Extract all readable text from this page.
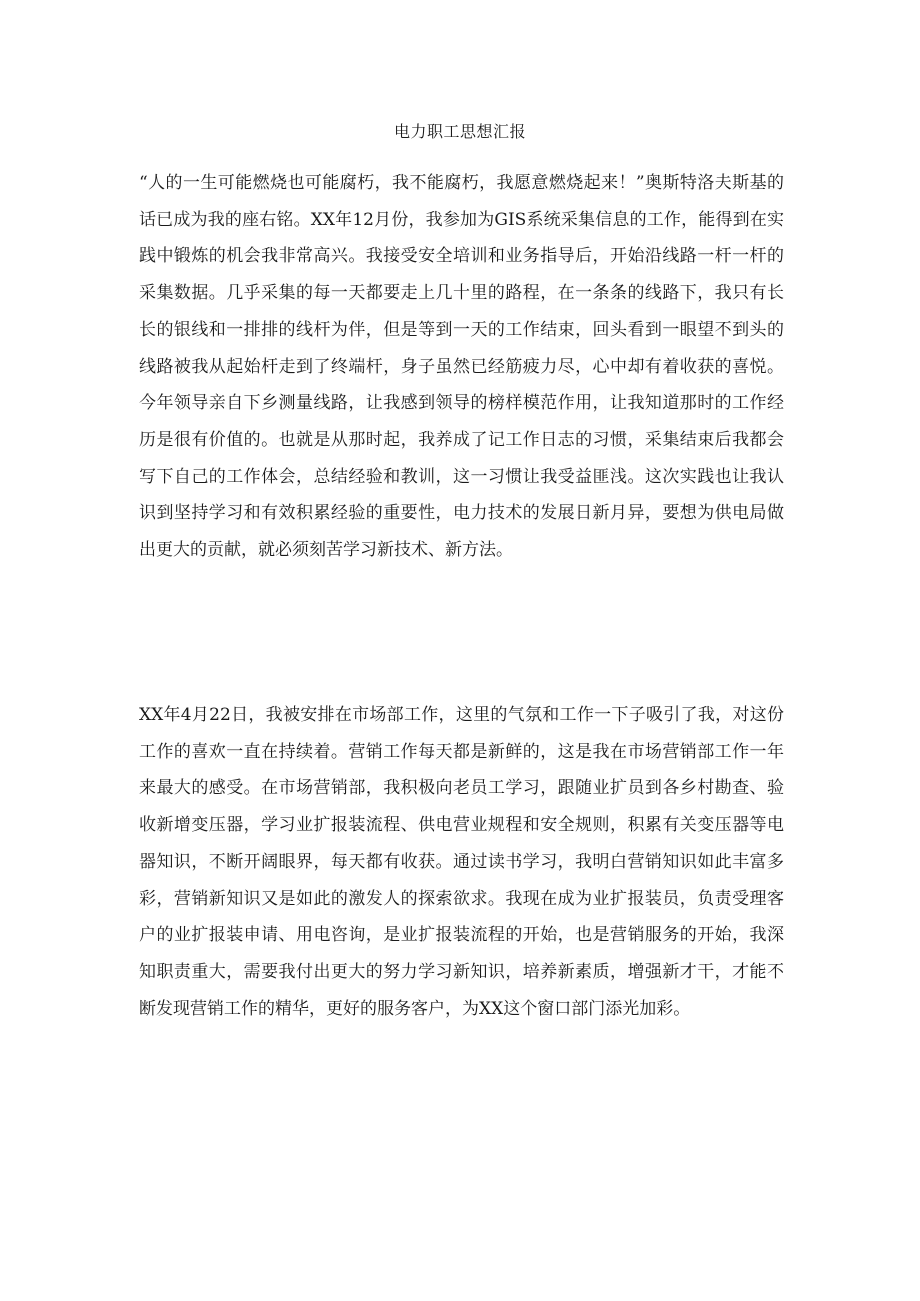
电力职工思想汇报

“人的一生可能燃烧也可能腐朽，我不能腐朽，我愿意燃烧起来！”奥斯特洛夫斯基的话已成为我的座右铭。XX年12月份，我参加为GIS系统采集信息的工作，能得到在实践中锻炼的机会我非常高兴。我接受安全培训和业务指导后，开始沿线路一杆一杆的采集数据。几乎采集的每一天都要走上几十里的路程，在一条条的线路下，我只有长长的银线和一排排的线杆为伴，但是等到一天的工作结束，回头看到一眼望不到头的线路被我从起始杆走到了终端杆，身子虽然已经筋疲力尽，心中却有着收获的喜悦。今年领导亲自下乡测量线路，让我感到领导的榜样模范作用，让我知道那时的工作经历是很有价值的。也就是从那时起，我养成了记工作日志的习惯，采集结束后我都会写下自己的工作体会，总结经验和教训，这一习惯让我受益匪浅。这次实践也让我认识到坚持学习和有效积累经验的重要性，电力技术的发展日新月异，要想为供电局做出更大的贡献，就必须刻苦学习新技术、新方法。

XX年4月22日，我被安排在市场部工作，这里的气氛和工作一下子吸引了我，对这份工作的喜欢一直在持续着。营销工作每天都是新鲜的，这是我在市场营销部工作一年来最大的感受。在市场营销部，我积极向老员工学习，跟随业扩员到各乡村勘查、验收新增变压器，学习业扩报装流程、供电营业规程和安全规则，积累有关变压器等电器知识，不断开阔眼界，每天都有收获。通过读书学习，我明白营销知识如此丰富多彩，营销新知识又是如此的激发人的探索欲求。我现在成为业扩报装员，负责受理客户的业扩报装申请、用电咨询，是业扩报装流程的开始，也是营销服务的开始，我深知职责重大，需要我付出更大的努力学习新知识，培养新素质，增强新才干，才能不断发现营销工作的精华，更好的服务客户，为XX这个窗口部门添光加彩。
